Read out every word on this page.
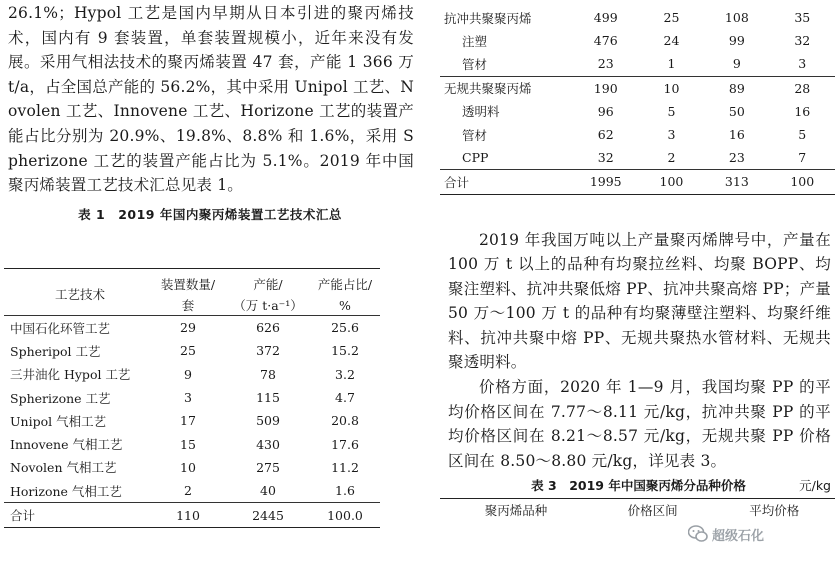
26.1%；Hypol 工艺是国内早期从日本引进的聚丙烯技术，国内有 9 套装置，单套装置规模小，近年来没有发展。采用气相法技术的聚丙烯装置 47 套，产能 1 366 万 t/a，占全国总产能的 56.2%，其中采用 Unipol 工艺、Novolen 工艺、Innovene 工艺、Horizone 工艺的装置产能占比分别为 20.9%、19.8%、8.8% 和 1.6%，采用 Spherizone 工艺的装置产能占比为 5.1%。2019 年中国聚丙烯装置工艺技术汇总见表 1。

表 1　2019 年国内聚丙烯装置工艺技术汇总
工艺技术	装置数量/	产能/	产能占比/
	套	（万 t·a⁻¹）	%
中国石化环管工艺	29	626	25.6
Spheripol 工艺	25	372	15.2
三井油化 Hypol 工艺	9	78	3.2
Spherizone 工艺	3	115	4.7
Unipol 气相工艺	17	509	20.8
Innovene 气相工艺	15	430	17.6
Novolen 气相工艺	10	275	11.2
Horizone 气相工艺	2	40	1.6
合计	110	2445	100.0
抗冲共聚聚丙烯	499	25	108	35
注塑	476	24	99	32
管材	23	1	9	3
无规共聚聚丙烯	190	10	89	28
透明料	96	5	50	16
管材	62	3	16	5
CPP	32	2	23	7
合计	1995	100	313	100

2019 年我国万吨以上产量聚丙烯牌号中，产量在 100 万 t 以上的品种有均聚拉丝料、均聚 BOPP、均聚注塑料、抗冲共聚低熔 PP、抗冲共聚高熔 PP；产量 50 万～100 万 t 的品种有均聚薄壁注塑料、均聚纤维料、抗冲共聚中熔 PP、无规共聚热水管材料、无规共聚透明料。

价格方面，2020 年 1—9 月，我国均聚 PP 的平均价格区间在 7.77～8.11 元/kg，抗冲共聚 PP 的平均价格区间在 8.21～8.57 元/kg，无规共聚 PP 价格区间在 8.50～8.80 元/kg，详见表 3。

表 3　2019 年中国聚丙烯分品种价格	元/kg
聚丙烯品种	价格区间	平均价格
超级石化
